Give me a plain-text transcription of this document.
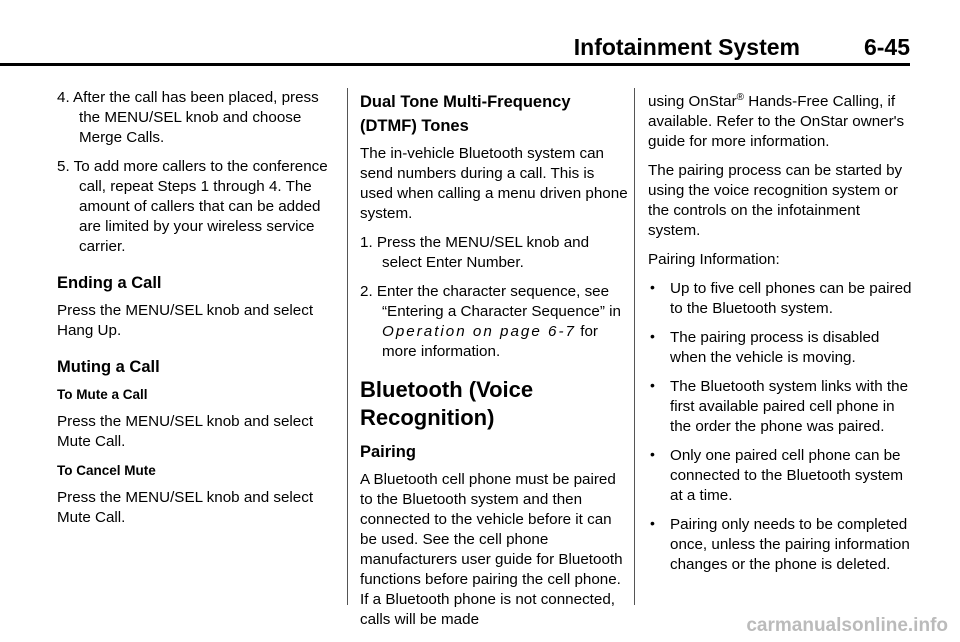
Infotainment System	6-45

4. After the call has been placed, press the MENU/SEL knob and choose Merge Calls.

5. To add more callers to the conference call, repeat Steps 1 through 4. The amount of callers that can be added are limited by your wireless service carrier.

Ending a Call

Press the MENU/SEL knob and select Hang Up.

Muting a Call
To Mute a Call

Press the MENU/SEL knob and select Mute Call.

To Cancel Mute

Press the MENU/SEL knob and select Mute Call.

Dual Tone Multi-Frequency (DTMF) Tones

The in-vehicle Bluetooth system can send numbers during a call. This is used when calling a menu driven phone system.

1. Press the MENU/SEL knob and select Enter Number.

2. Enter the character sequence, see “Entering a Character Sequence” in Operation on page 6-7 for more information.

Bluetooth (Voice Recognition)
Pairing

A Bluetooth cell phone must be paired to the Bluetooth system and then connected to the vehicle before it can be used. See the cell phone manufacturers user guide for Bluetooth functions before pairing the cell phone. If a Bluetooth phone is not connected, calls will be made

using OnStar® Hands-Free Calling, if available. Refer to the OnStar owner's guide for more information.

The pairing process can be started by using the voice recognition system or the controls on the infotainment system.

Pairing Information:

• Up to five cell phones can be paired to the Bluetooth system.
• The pairing process is disabled when the vehicle is moving.
• The Bluetooth system links with the first available paired cell phone in the order the phone was paired.
• Only one paired cell phone can be connected to the Bluetooth system at a time.
• Pairing only needs to be completed once, unless the pairing information changes or the phone is deleted.
carmanualsonline.info
